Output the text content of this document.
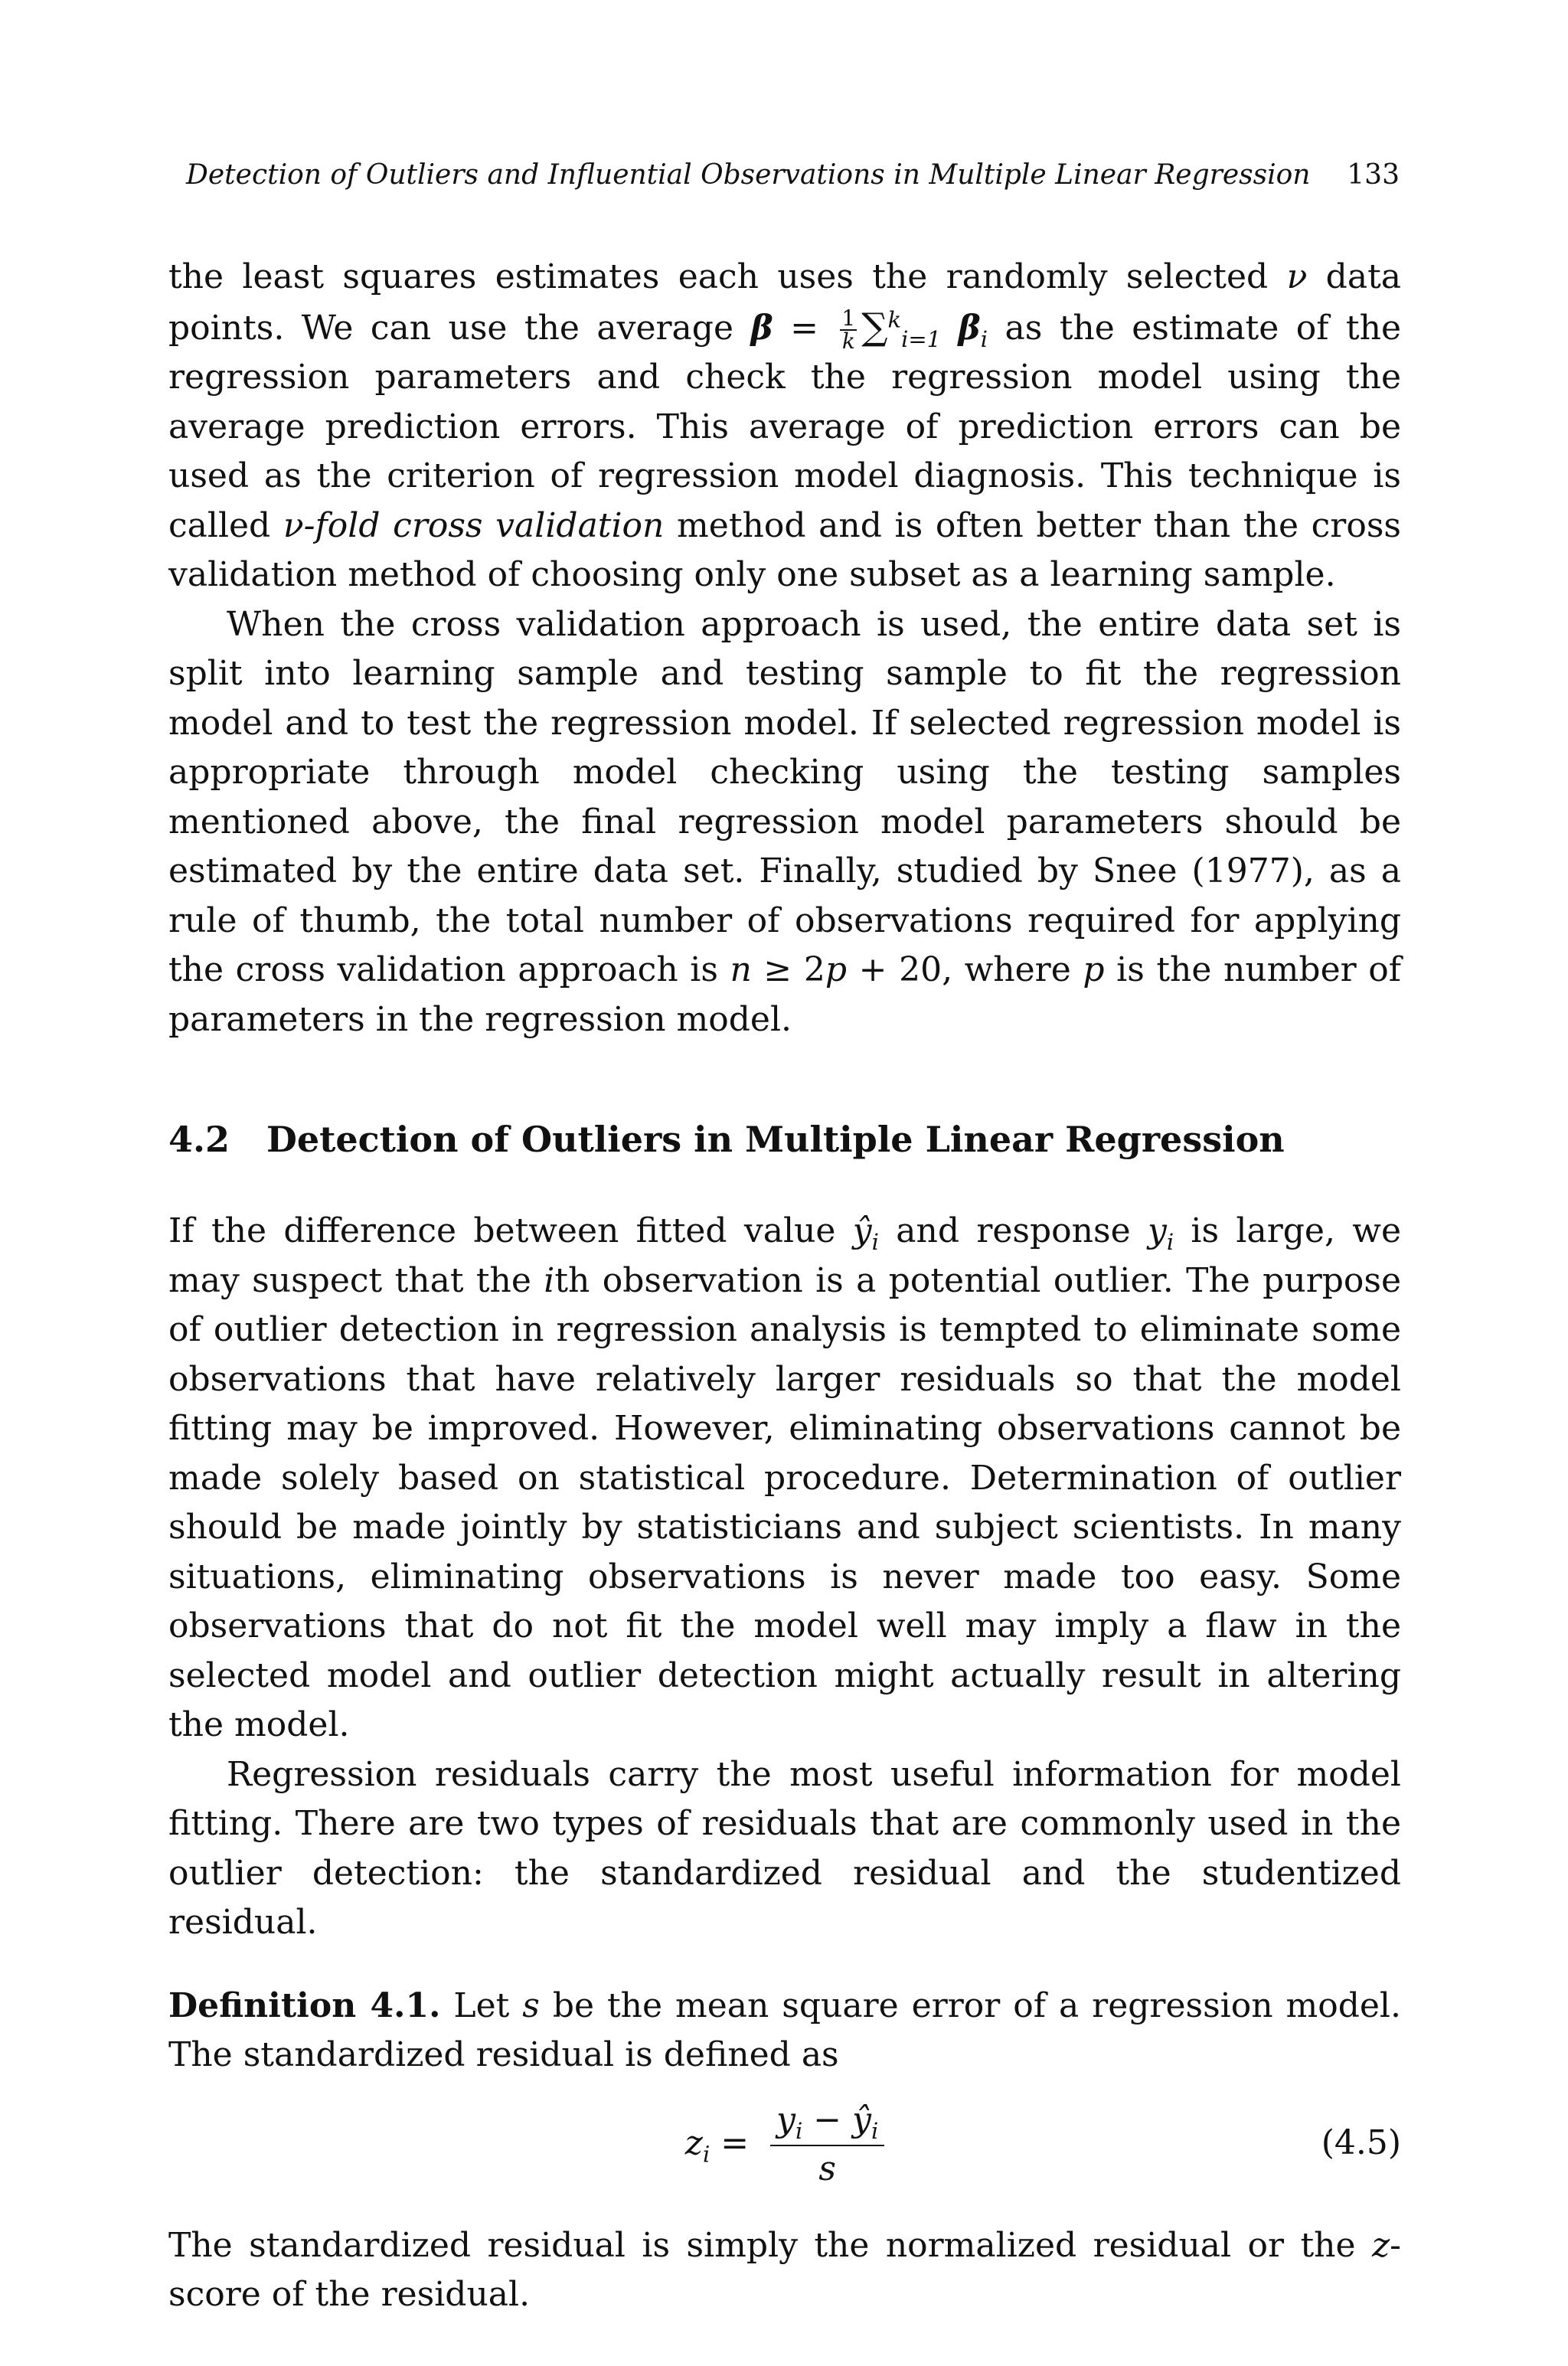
Detection of Outliers and Influential Observations in Multiple Linear Regression 133

the least squares estimates each uses the randomly selected ν data points. We can use the average $\beta = \frac{1}{k} \sum^k_{i=1}$ $\beta_i$ as the estimate of the regression parameters and check the regression model using the average prediction errors. This average of prediction errors can be used as the criterion of regression model diagnosis. This technique is called ν-fold cross validation method and is often better than the cross validation method of choosing only one subset as a learning sample.

When the cross validation approach is used, the entire data set is split into learning sample and testing sample to fit the regression model and to test the regression model. If selected regression model is appropriate through model checking using the testing samples mentioned above, the final regression model parameters should be estimated by the entire data set. Finally, studied by Snee (1977), as a rule of thumb, the total number of observations required for applying the cross validation approach is n ≥ 2p + 20, where p is the number of parameters in the regression model.

4.2 Detection of Outliers in Multiple Linear Regression

If the difference between fitted value $ŷ_i$ and response $y_i$ is large, we may suspect that the ith observation is a potential outlier. The purpose of outlier detection in regression analysis is tempted to eliminate some observations that have relatively larger residuals so that the model fitting may be improved. However, eliminating observations cannot be made solely based on statistical procedure. Determination of outlier should be made jointly by statisticians and subject scientists. In many situations, eliminating observations is never made too easy. Some observations that do not fit the model well may imply a flaw in the selected model and outlier detection might actually result in altering the model.

Regression residuals carry the most useful information for model fitting. There are two types of residuals that are commonly used in the outlier detection: the standardized residual and the studentized residual.

Definition 4.1. Let s be the mean square error of a regression model. The standardized residual is defined as

$z_i = \frac{y_i - ŷ_i}{s}$	(4.5)

The standardized residual is simply the normalized residual or the z-score of the residual.
